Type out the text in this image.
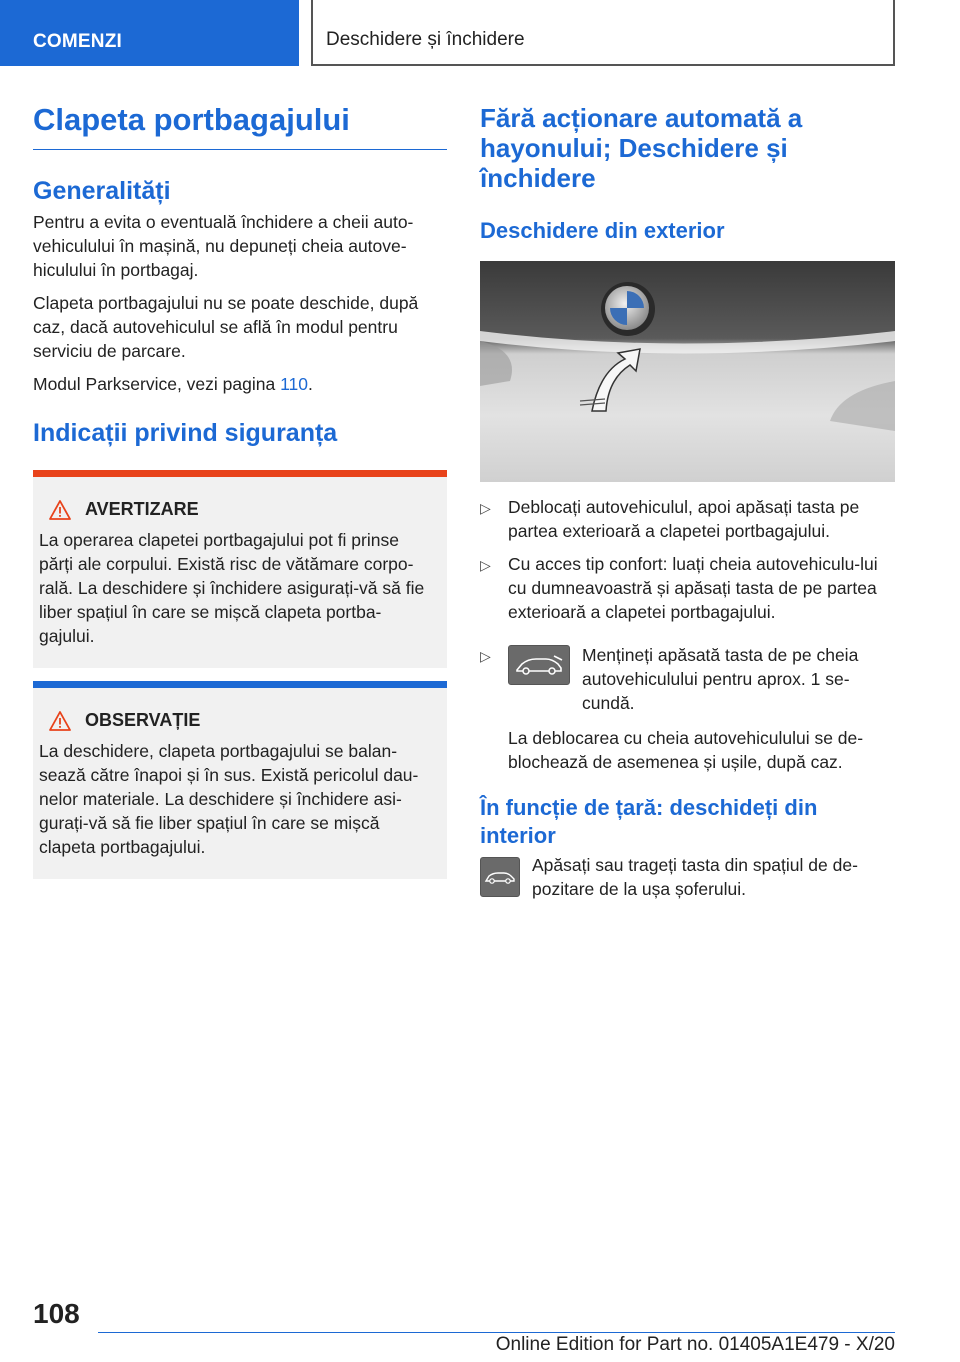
COMENZI	Deschidere și închidere
Clapeta portbagajului
Generalități

Pentru a evita o eventuală închidere a cheii auto-vehiculului în mașină, nu depuneți cheia autove-hiculului în portbagaj.

Clapeta portbagajului nu se poate deschide, după caz, dacă autovehiculul se află în modul pentru serviciu de parcare.

Modul Parkservice, vezi pagina 110.

Indicații privind siguranța
AVERTIZARE

La operarea clapetei portbagajului pot fi prinse părți ale corpului. Există risc de vătămare corpo-rală. La deschidere și închidere asigurați-vă să fie liber spațiul în care se mișcă clapeta portba-gajului.

OBSERVAȚIE

La deschidere, clapeta portbagajului se balan-sează către înapoi și în sus. Există pericolul dau-nelor materiale. La deschidere și închidere asi-gurați-vă să fie liber spațiul în care se mișcă clapeta portbagajului.

Fără acționare automată a hayonului; Deschidere și închidere
Deschidere din exterior
▷ Deblocați autovehiculul, apoi apăsați tasta pe partea exterioară a clapetei portbagajului.
▷ Cu acces tip confort: luați cheia autovehiculu-lui cu dumneavoastră și apăsați tasta de pe partea exterioară a clapetei portbagajului.
▷	Mențineți apăsată tasta de pe cheia autovehiculului pentru aprox. 1 se-cundă.

La deblocarea cu cheia autovehiculului se de-blochează de asemenea și ușile, după caz.

În funcție de țară: deschideți din interior
Apăsați sau trageți tasta din spațiul de de-pozitare de la ușa șoferului.
108
Online Edition for Part no. 01405A1E479 - X/20
